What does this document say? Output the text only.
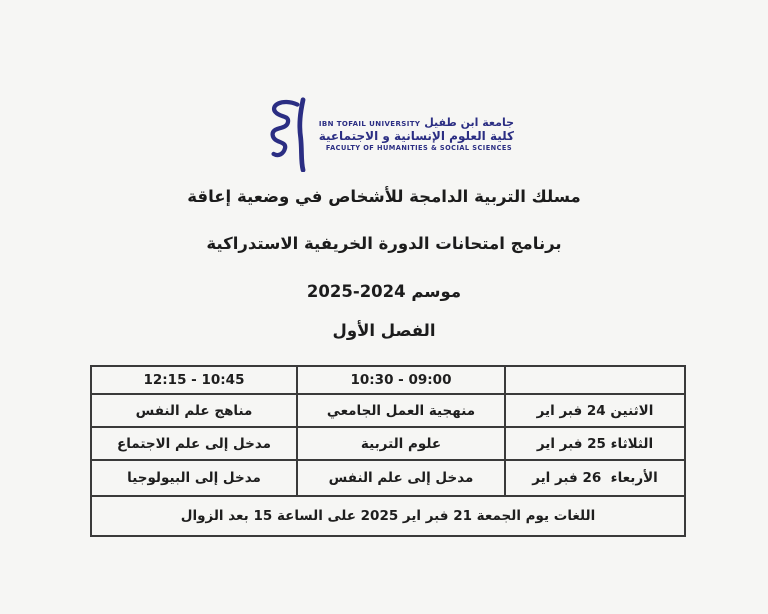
جامعة ابن طفيل IBN TOFAIL UNIVERSITY
كلية العلوم الإنسانية و الاجتماعية
FACULTY OF HUMANITIES & SOCIAL SCIENCES
مسلك التربية الدامجة للأشخاص في وضعية إعاقة
برنامج امتحانات الدورة الخريفية الاستدراكية
موسم 2024-2025
الفصل الأول
	09:00 - 10:30	10:45 - 12:15
الاثنين 24 فبر اير	منهجية العمل الجامعي	مناهج علم النفس
الثلاثاء 25 فبر اير	علوم التربية	مدخل إلى علم الاجتماع
الأربعاء  26 فبر اير	مدخل إلى علم النفس	مدخل إلى البيولوجيا
اللغات يوم الجمعة 21 فبر اير 2025 على الساعة 15 بعد الزوال		
